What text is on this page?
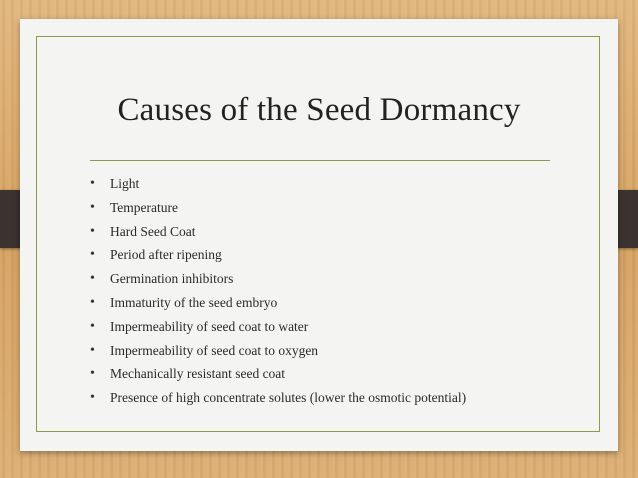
Causes of the Seed Dormancy
• Light
• Temperature
• Hard Seed Coat
• Period after ripening
• Germination inhibitors
• Immaturity of the seed embryo
• Impermeability of seed coat to water
• Impermeability of seed coat to oxygen
• Mechanically resistant seed coat
• Presence of high concentrate solutes (lower the osmotic potential)
